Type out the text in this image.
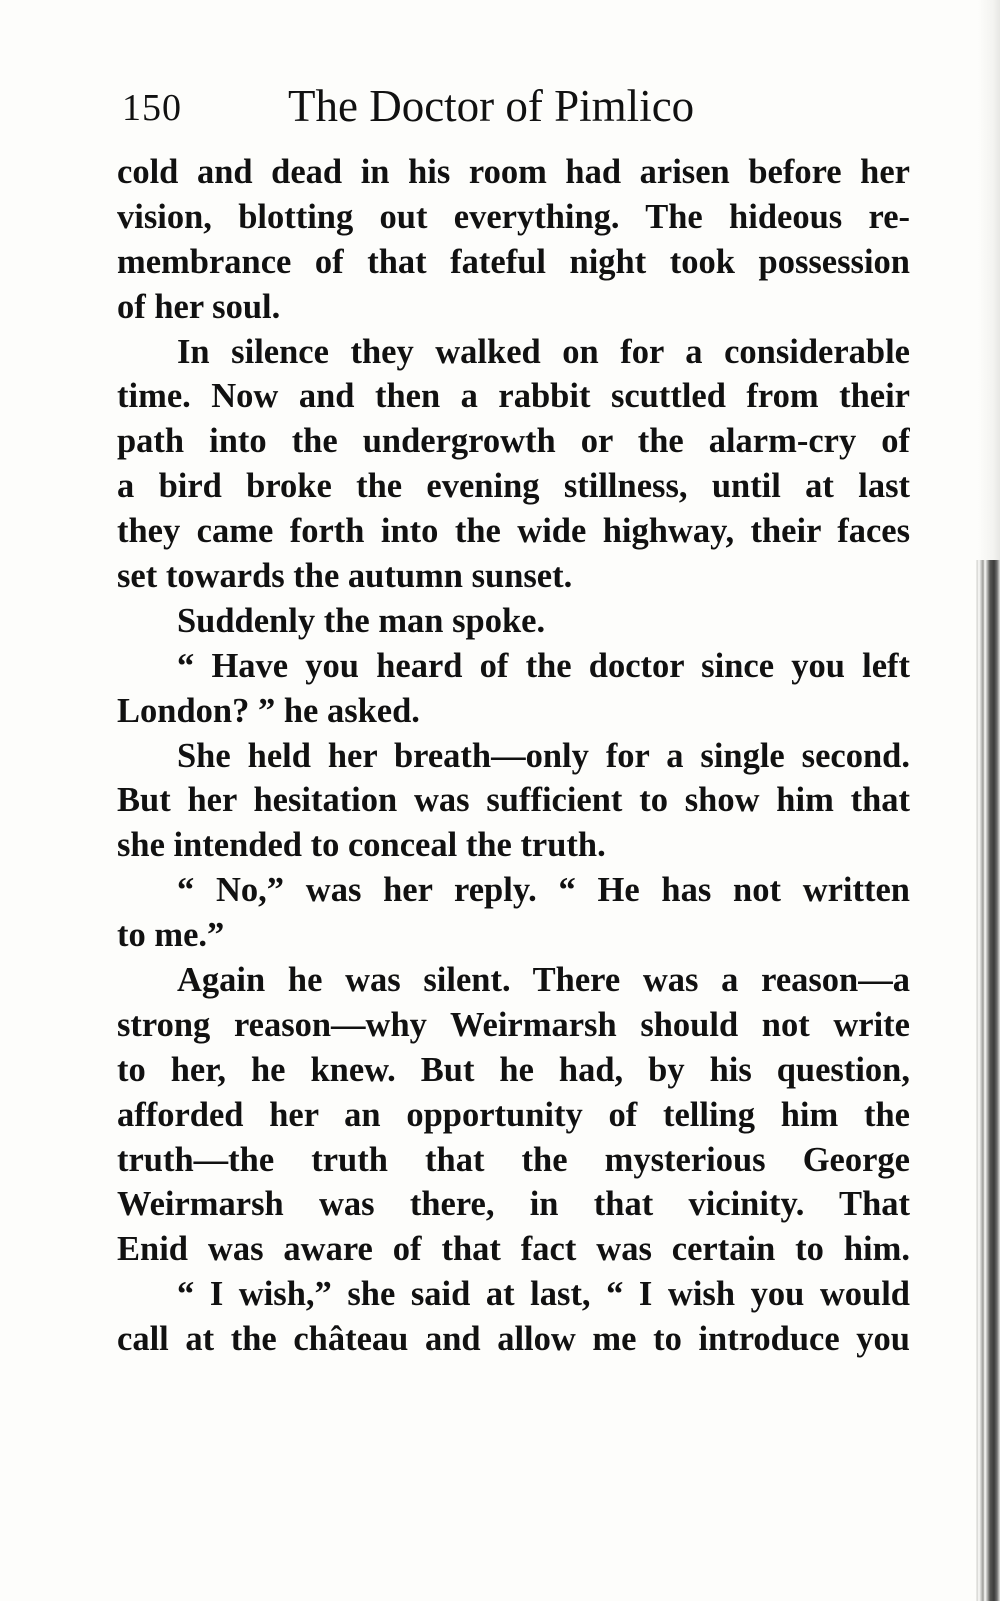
150 The Doctor of Pimlico
cold and dead in his room had arisen before her
vision, blotting out everything. The hideous re-
membrance of that fateful night took possession
of her soul.
In silence they walked on for a considerable
time. Now and then a rabbit scuttled from their
path into the undergrowth or the alarm-cry of
a bird broke the evening stillness, until at last
they came forth into the wide highway, their faces
set towards the autumn sunset.
Suddenly the man spoke.
“ Have you heard of the doctor since you left
London? ” he asked.
She held her breath—only for a single second.
But her hesitation was sufficient to show him that
she intended to conceal the truth.
“ No,” was her reply. “ He has not written
to me.”
Again he was silent. There was a reason—a
strong reason—why Weirmarsh should not write
to her, he knew. But he had, by his question,
afforded her an opportunity of telling him the
truth—the truth that the mysterious George
Weirmarsh was there, in that vicinity. That
Enid was aware of that fact was certain to him.
“ I wish,” she said at last, “ I wish you would
call at the château and allow me to introduce you
